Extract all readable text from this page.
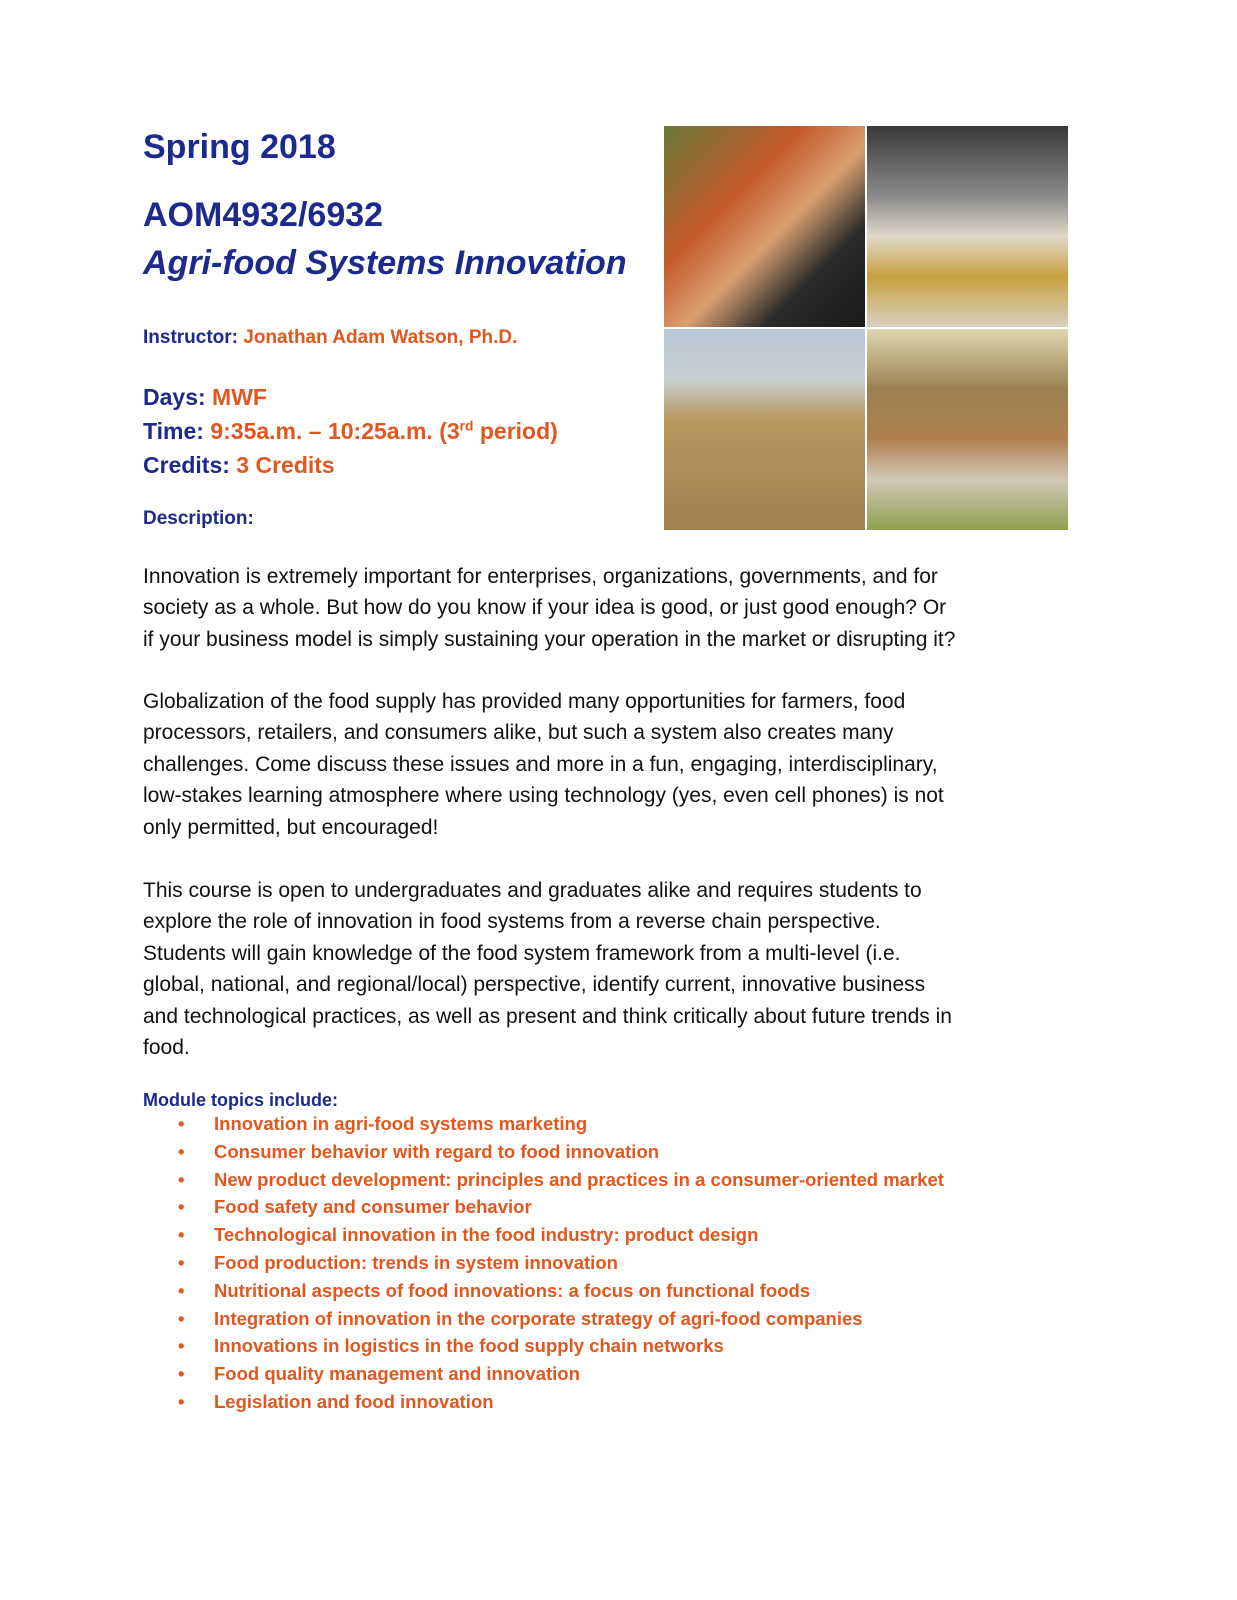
Spring 2018
AOM4932/6932
Agri-food Systems Innovation
Instructor: Jonathan Adam Watson, Ph.D.
Days: MWF
Time: 9:35a.m. – 10:25a.m. (3rd period)
Credits: 3 Credits
Description:
Innovation is extremely important for enterprises, organizations, governments, and for
society as a whole. But how do you know if your idea is good, or just good enough? Or
if your business model is simply sustaining your operation in the market or disrupting it?
Globalization of the food supply has provided many opportunities for farmers, food
processors, retailers, and consumers alike, but such a system also creates many
challenges. Come discuss these issues and more in a fun, engaging, interdisciplinary,
low-stakes learning atmosphere where using technology (yes, even cell phones) is not
only permitted, but encouraged!
This course is open to undergraduates and graduates alike and requires students to
explore the role of innovation in food systems from a reverse chain perspective.
Students will gain knowledge of the food system framework from a multi-level (i.e.
global, national, and regional/local) perspective, identify current, innovative business
and technological practices, as well as present and think critically about future trends in
food.
Module topics include:
• Innovation in agri-food systems marketing
• Consumer behavior with regard to food innovation
• New product development: principles and practices in a consumer-oriented market
• Food safety and consumer behavior
• Technological innovation in the food industry: product design
• Food production: trends in system innovation
• Nutritional aspects of food innovations: a focus on functional foods
• Integration of innovation in the corporate strategy of agri-food companies
• Innovations in logistics in the food supply chain networks
• Food quality management and innovation
• Legislation and food innovation
